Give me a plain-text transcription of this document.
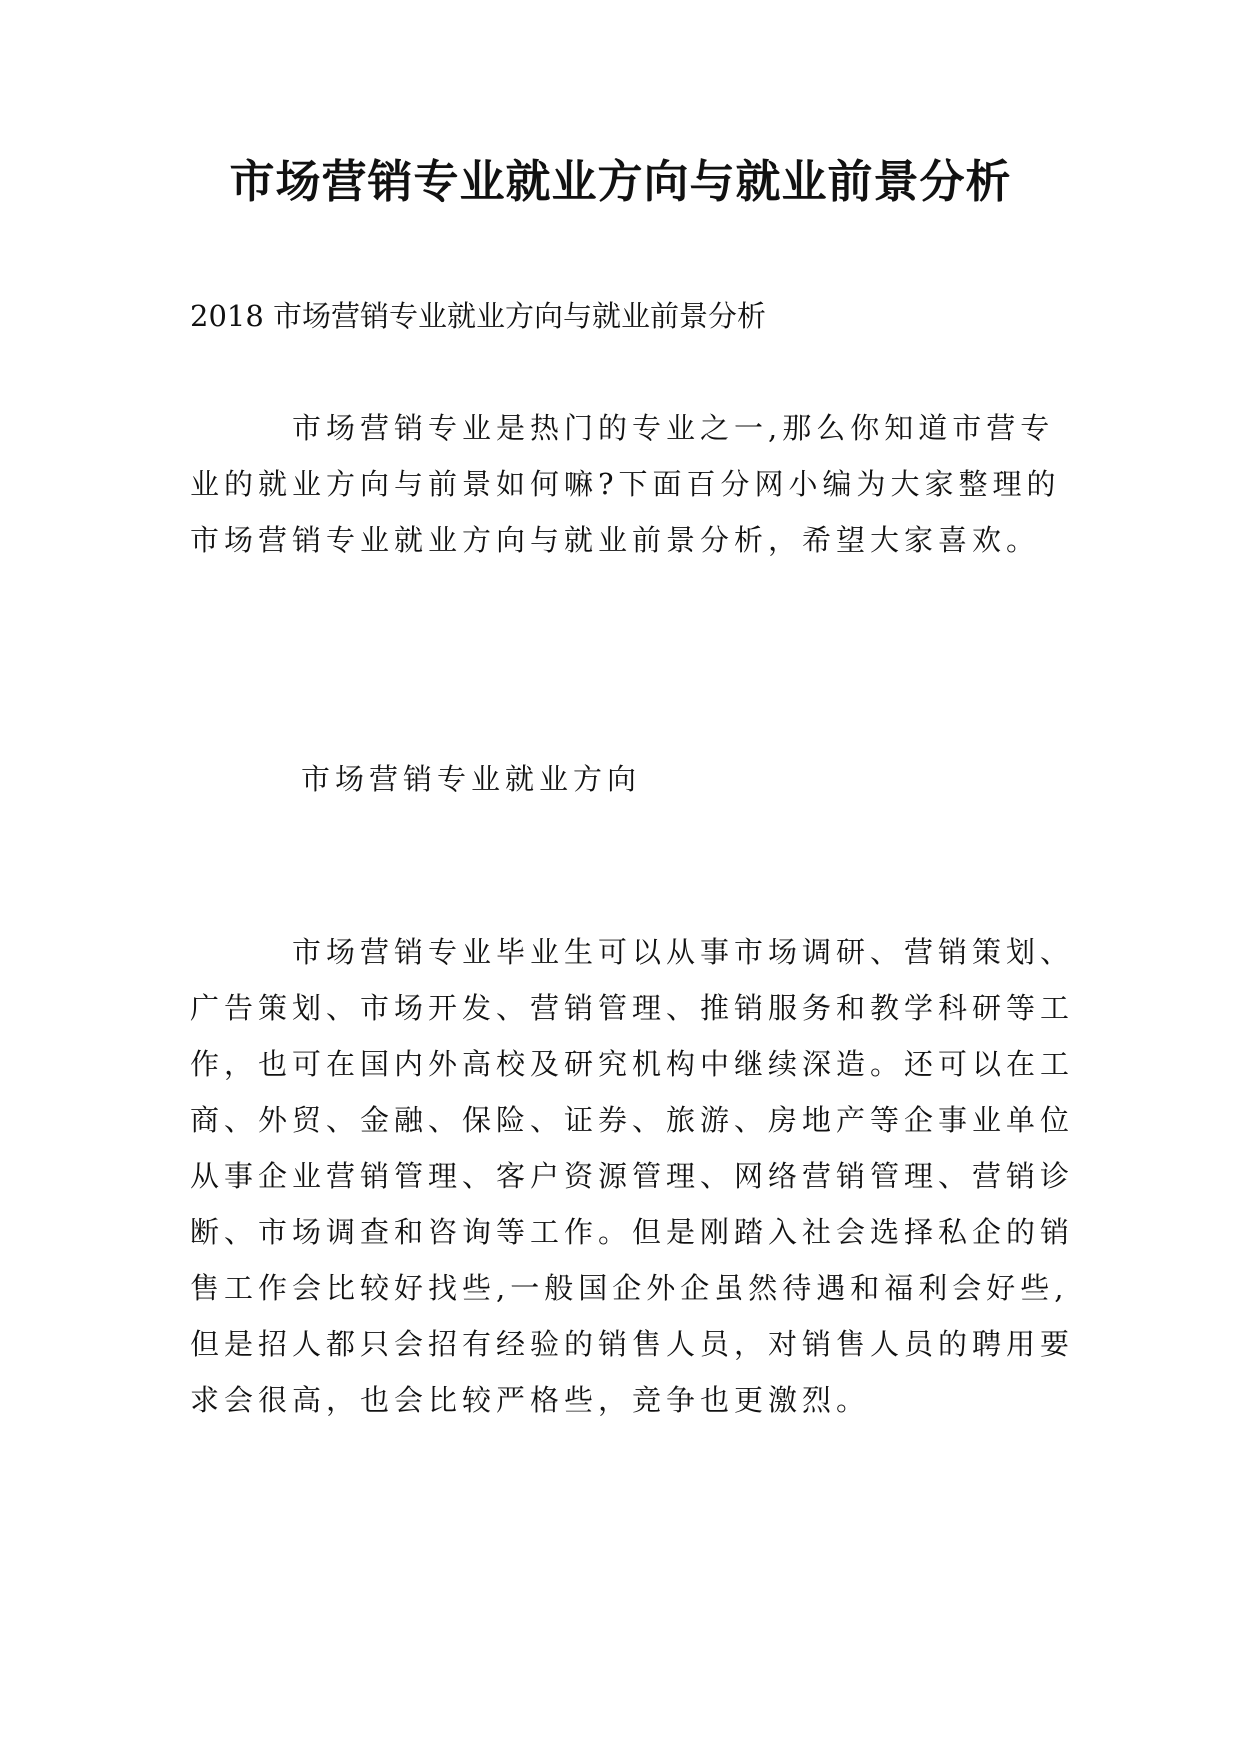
市场营销专业就业方向与就业前景分析

2018 市场营销专业就业方向与就业前景分析

　　　市场营销专业是热门的专业之一,那么你知道市营专
业的就业方向与前景如何嘛?下面百分网小编为大家整理的
市场营销专业就业方向与就业前景分析，希望大家喜欢。

市场营销专业就业方向

　　　市场营销专业毕业生可以从事市场调研、营销策划、
广告策划、市场开发、营销管理、推销服务和教学科研等工
作，也可在国内外高校及研究机构中继续深造。还可以在工
商、外贸、金融、保险、证券、旅游、房地产等企事业单位
从事企业营销管理、客户资源管理、网络营销管理、营销诊
断、市场调查和咨询等工作。但是刚踏入社会选择私企的销
售工作会比较好找些,一般国企外企虽然待遇和福利会好些,
但是招人都只会招有经验的销售人员，对销售人员的聘用要
求会很高，也会比较严格些，竞争也更激烈。
